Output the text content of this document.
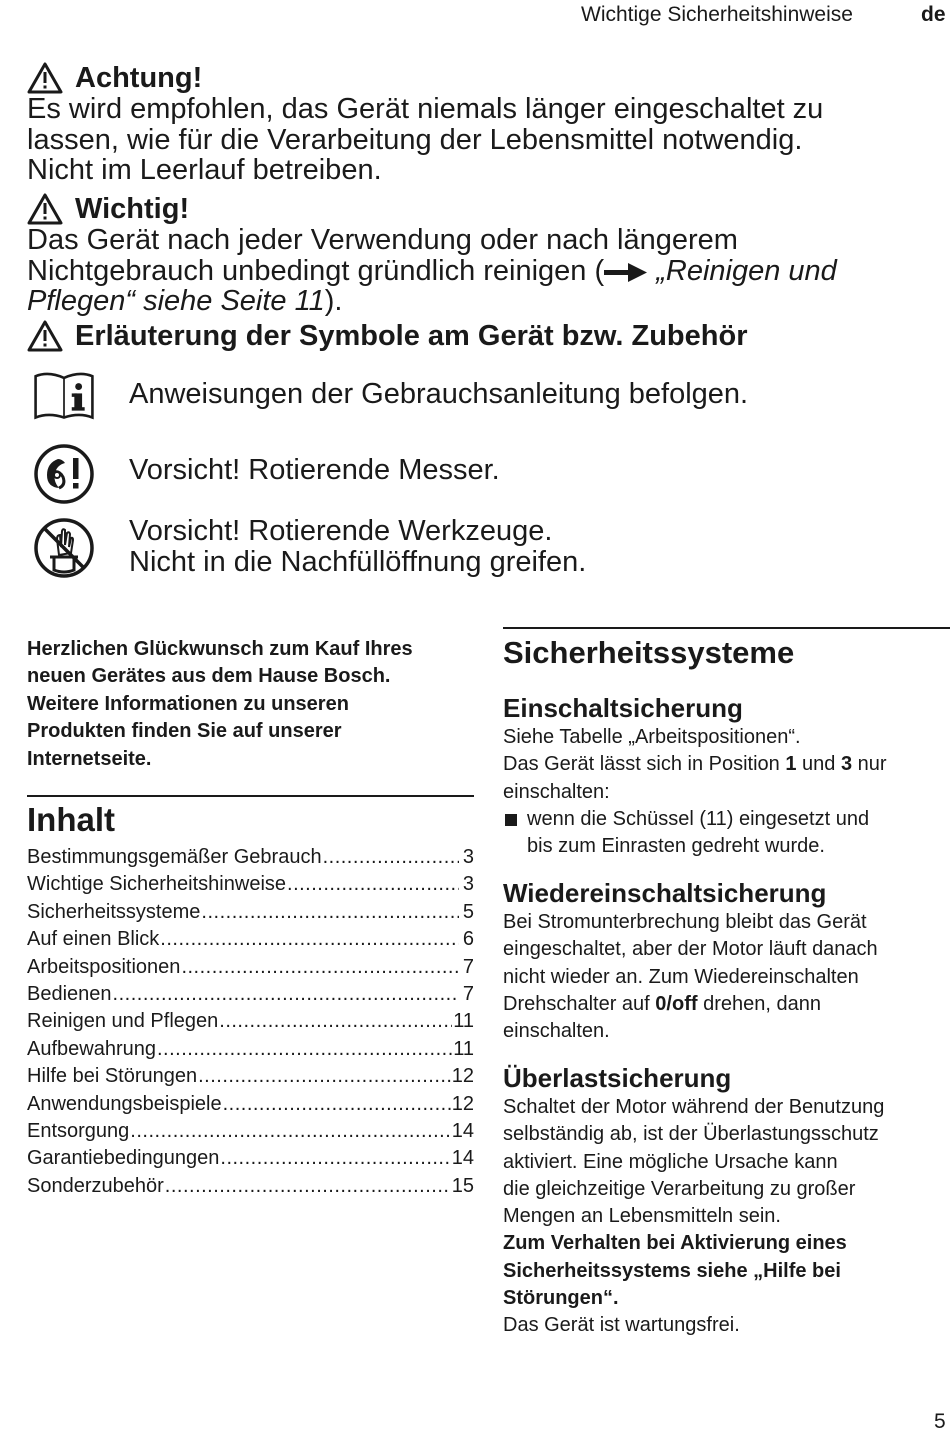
Wichtige Sicherheitshinweise	de
Achtung!
Es wird empfohlen, das Gerät niemals länger eingeschaltet zu
lassen, wie für die Verarbeitung der Lebensmittel notwendig.
Nicht im Leerlauf betreiben.
Wichtig!
Das Gerät nach jeder Verwendung oder nach längerem
Nichtgebrauch unbedingt gründlich reinigen ( „Reinigen und
Pflegen“ siehe Seite 11).
Erläuterung der Symbole am Gerät bzw. Zubehör
Anweisungen der Gebrauchsanleitung befolgen.
Vorsicht! Rotierende Messer.
Vorsicht! Rotierende Werkzeuge.
Nicht in die Nachfüllöffnung greifen.
Herzlichen Glückwunsch zum Kauf Ihres
neuen Gerätes aus dem Hause Bosch.
Weitere Informationen zu unseren
Produkten finden Sie auf unserer
Internetseite.
Inhalt
Bestimmungsgemäßer Gebrauch .....	3
Wichtige Sicherheitshinweise .....	3
Sicherheitssysteme .....	5
Auf einen Blick .....	6
Arbeitspositionen .....	7
Bedienen .....	7
Reinigen und Pflegen .....	11
Aufbewahrung .....	11
Hilfe bei Störungen .....	12
Anwendungsbeispiele .....	12
Entsorgung .....	14
Garantiebedingungen .....	14
Sonderzubehör .....	15
Sicherheitssysteme
Einschaltsicherung
Siehe Tabelle „Arbeitspositionen“.
Das Gerät lässt sich in Position 1 und 3 nur
einschalten:
wenn die Schüssel (11) eingesetzt und
bis zum Einrasten gedreht wurde.
Wiedereinschaltsicherung
Bei Stromunterbrechung bleibt das Gerät
eingeschaltet, aber der Motor läuft danach
nicht wieder an. Zum Wiedereinschalten
Drehschalter auf 0/off drehen, dann
einschalten.
Überlastsicherung
Schaltet der Motor während der Benutzung
selbständig ab, ist der Überlastungsschutz
aktiviert. Eine mögliche Ursache kann
die gleichzeitige Verarbeitung zu großer
Mengen an Lebensmitteln sein.
Zum Verhalten bei Aktivierung eines
Sicherheitssystems siehe „Hilfe bei
Störungen“.
Das Gerät ist wartungsfrei.
5
